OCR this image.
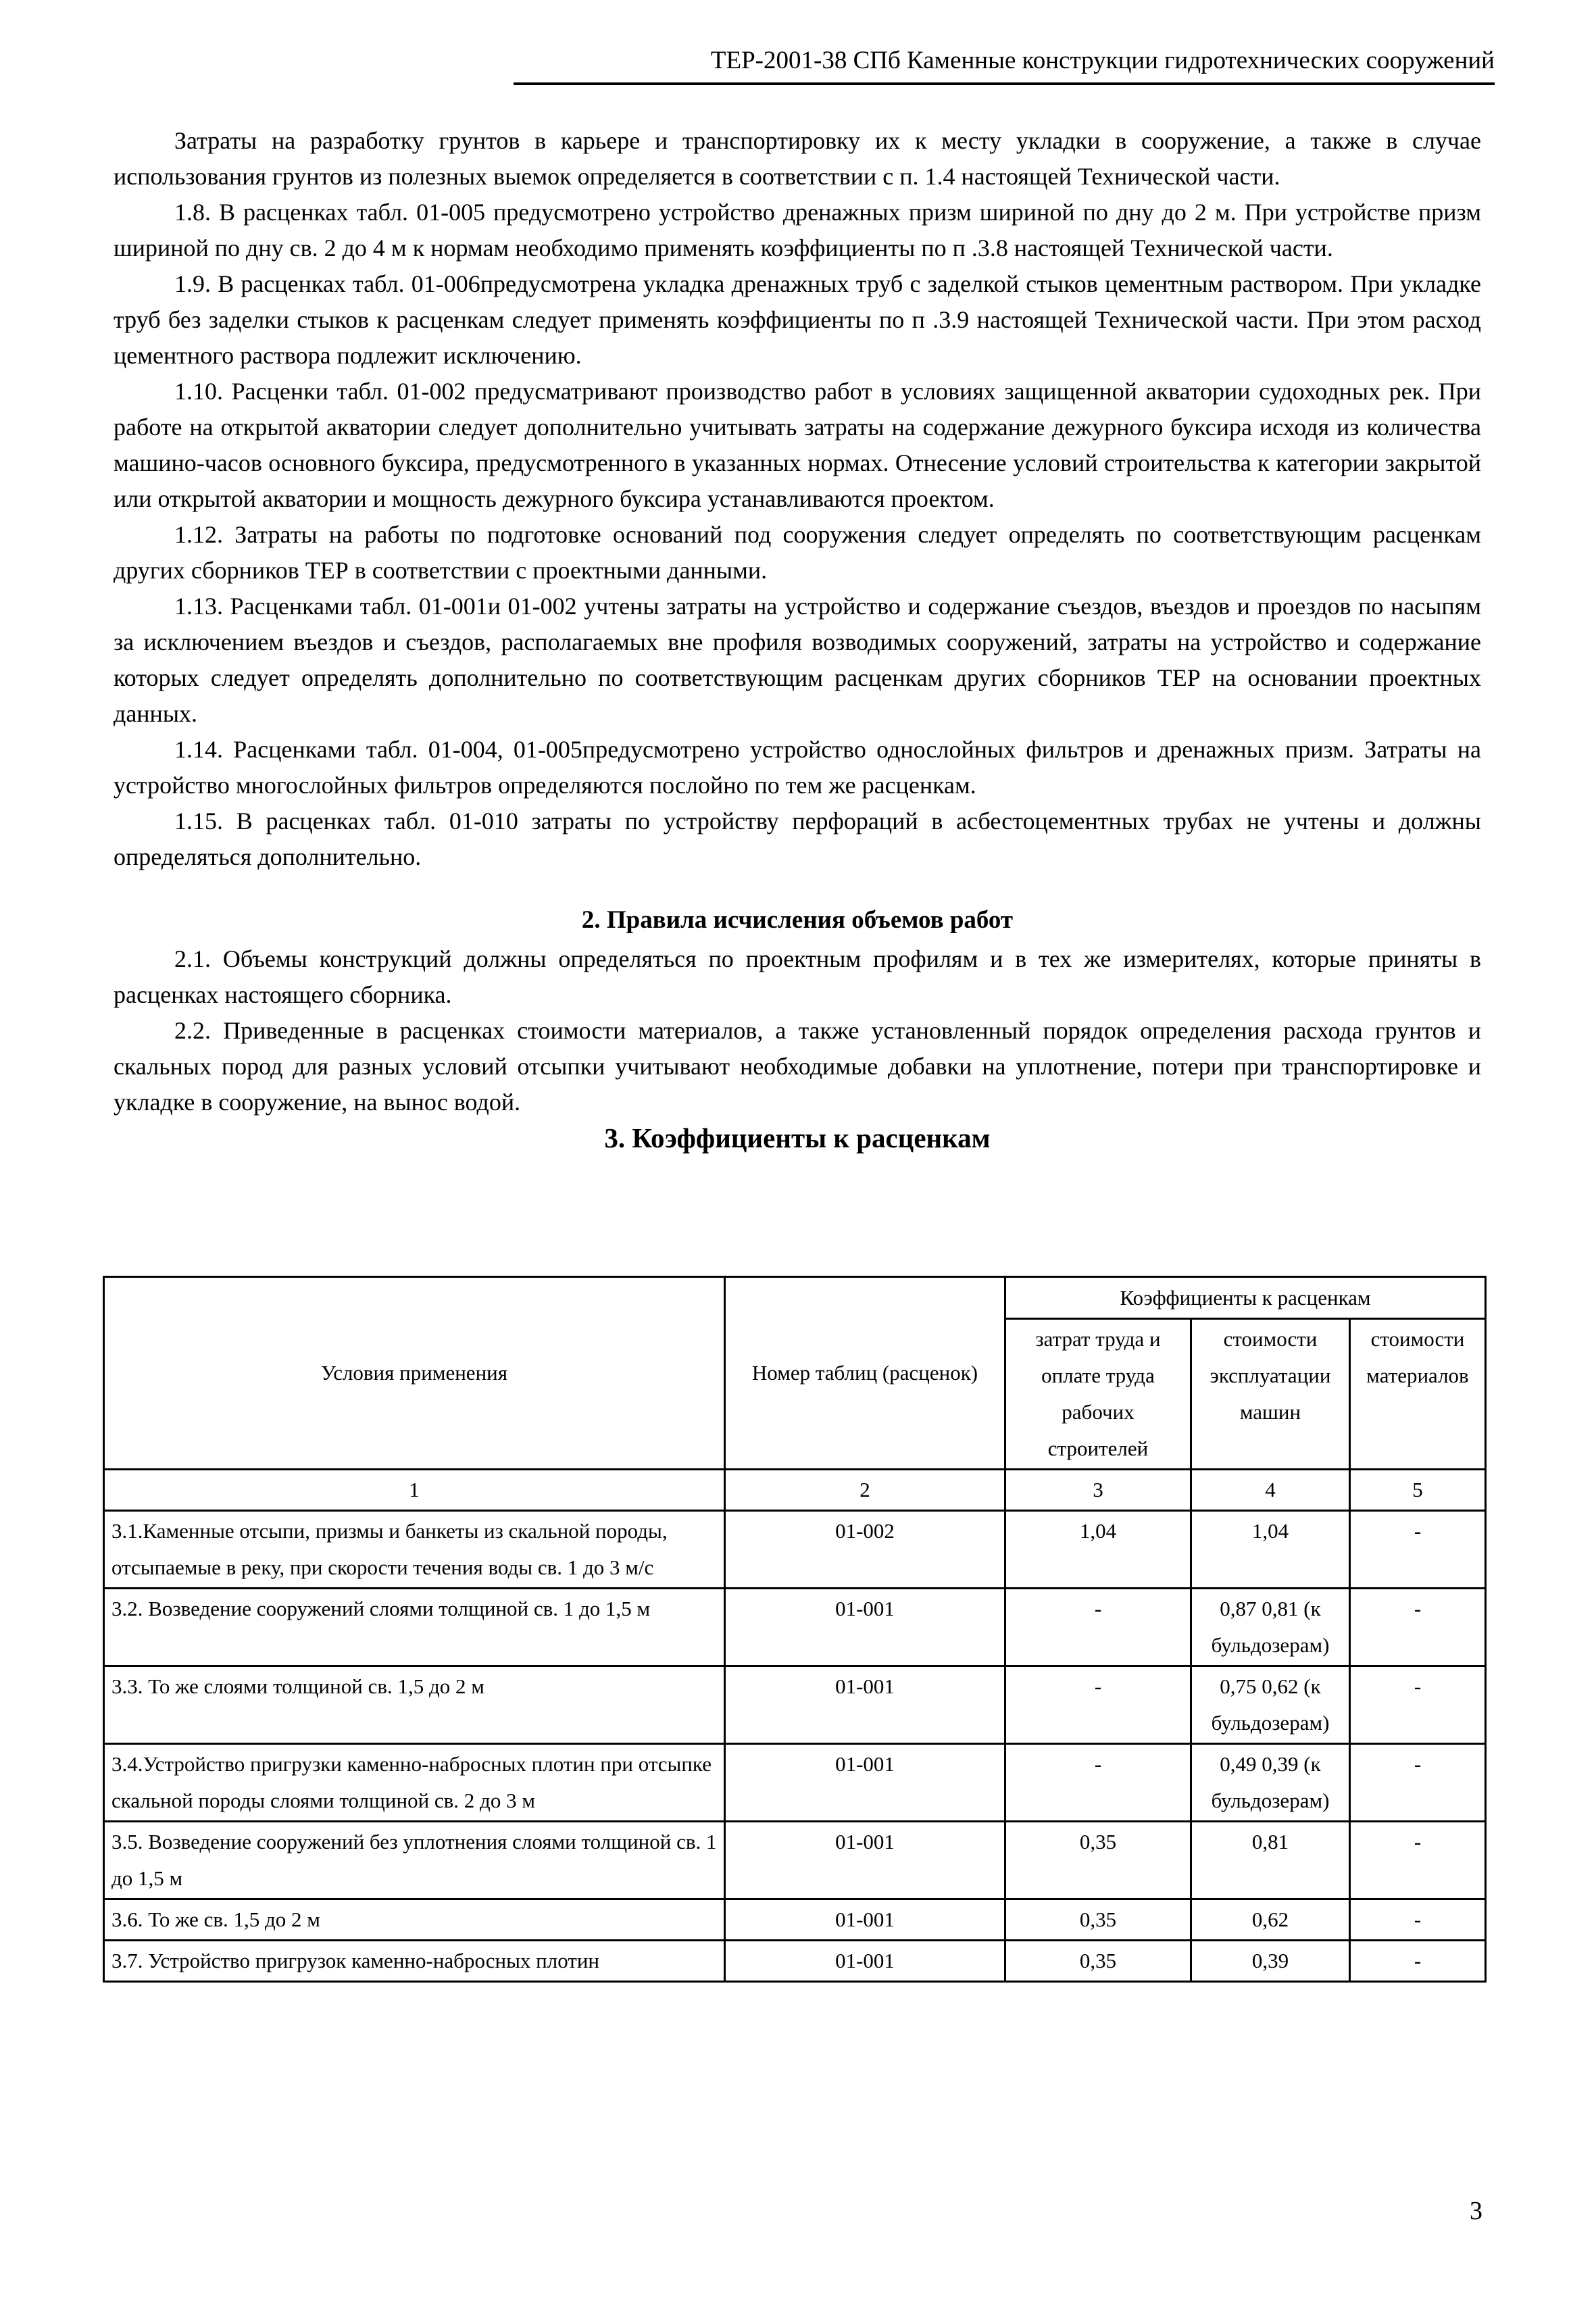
ТЕР-2001-38 СПб Каменные конструкции гидротехнических сооружений

Затраты на разработку грунтов в карьере и транспортировку их к месту укладки в сооружение, а также в случае использования грунтов из полезных выемок определяется в соответствии с п. 1.4 настоящей Технической части.

1.8. В расценках табл. 01-005 предусмотрено устройство дренажных призм шириной по дну до 2 м. При устройстве призм шириной по дну св. 2 до 4 м к нормам необходимо применять коэффициенты по п .3.8 настоящей Технической части.

1.9. В расценках табл. 01-006предусмотрена укладка дренажных труб с заделкой стыков цементным раствором. При укладке труб без заделки стыков к расценкам следует применять коэффициенты по п .3.9 настоящей Технической части. При этом расход цементного раствора подлежит исключению.

1.10. Расценки табл. 01-002 предусматривают производство работ в условиях защищенной акватории судоходных рек. При работе на открытой акватории следует дополнительно учитывать затраты на содержание дежурного буксира исходя из количества машино-часов основного буксира, предусмотренного в указанных нормах. Отнесение условий строительства к категории закрытой или открытой акватории и мощность дежурного буксира устанавливаются проектом.

1.12. Затраты на работы по подготовке оснований под сооружения следует определять по соответствующим расценкам других сборников ТЕР в соответствии с проектными данными.

1.13. Расценками табл. 01-001и 01-002 учтены затраты на устройство и содержание съездов, въездов и проездов по насыпям за исключением въездов и съездов, располагаемых вне профиля возводимых сооружений, затраты на устройство и содержание которых следует определять дополнительно по соответствующим расценкам других сборников ТЕР на основании проектных данных.

1.14. Расценками табл. 01-004, 01-005предусмотрено устройство однослойных фильтров и дренажных призм. Затраты на устройство многослойных фильтров определяются послойно по тем же расценкам.

1.15. В расценках табл. 01-010 затраты по устройству перфораций в асбестоцементных трубах не учтены и должны определяться дополнительно.

2. Правила исчисления объемов работ

2.1. Объемы конструкций должны определяться по проектным профилям и в тех же измерителях, которые приняты в расценках настоящего сборника.

2.2. Приведенные в расценках стоимости материалов, а также установленный порядок определения расхода грунтов и скальных пород для разных условий отсыпки учитывают необходимые добавки на уплотнение, потери при транспортировке и укладке в сооружение, на вынос водой.

3. Коэффициенты к расценкам
Условия применения	Номер таблиц (расценок)	Коэффициенты к расценкам		
		затрат труда и оплате труда рабочих строителей	стоимости эксплуатации машин	стоимости материалов
1	2	3	4	5
3.1.Каменные отсыпи, призмы и банкеты из скальной породы, отсыпаемые в реку, при скорости течения воды св. 1 до 3 м/с	01-002	1,04	1,04	-
3.2. Возведение сооружений слоями толщиной св. 1 до 1,5 м	01-001	-	0,87 0,81 (к бульдозерам)	-
3.3. То же слоями толщиной св. 1,5 до 2 м	01-001	-	0,75 0,62 (к бульдозерам)	-
3.4.Устройство пригрузки каменно-набросных плотин при отсыпке скальной породы слоями толщиной св. 2 до 3 м	01-001	-	0,49 0,39 (к бульдозерам)	-
3.5. Возведение сооружений без уплотнения слоями толщиной св. 1 до 1,5 м	01-001	0,35	0,81	-
3.6. То же св. 1,5 до 2 м	01-001	0,35	0,62	-
3.7. Устройство пригрузок каменно-набросных плотин	01-001	0,35	0,39	-
3
